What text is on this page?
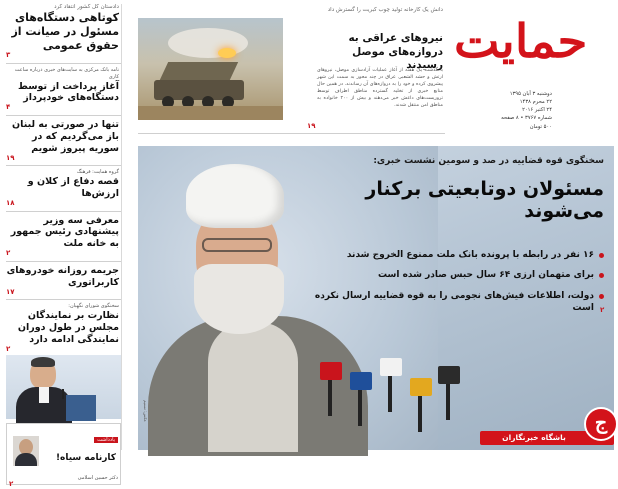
دادستان کل کشور انتقاد کرد
کوتاهی دستگاه‌های مسئول در صیانت از حقوق عمومی
۳
نامه بانک مرکزی به سایت‌های خبری درباره ساعت کاری
آغاز پرداخت از توسط دستگاه‌های خودپرداز
۴
تنها در صورتی به لبنان باز می‌گردیم که در سوریه پیروز شویم
۱۹
گروه همایت: فرهنگ
قصه دفاع از کلان و ارزش‌ها
۱۸
معرفی سه وزیر پیشنهادی رئیس جمهور به خانه ملت
۲
جریمه روزانه خودروهای کاربراتوری
۱۷
سخنگوی شورای نگهبان:
نظارت بر نمایندگان مجلس در طول دوران نمایندگی ادامه دارد
۲
یادداشت
کارنامه سیاه!
دکتر حسین اسلامی
۲
دانش یک کارخانه تولید چوب کبریت را گسترش داد
نیروهای عراقی به دروازه‌های موصل رسیدند
با گذشت یک هفته از آغاز عملیات آزادسازی موصل، نیروهای ارتش و حشد الشعبی عراق در چند محور به سمت این شهر پیشروی کرده و خود را به دروازه‌های آن رساندند. در همین حال منابع خبری از تخلیه گسترده مناطق اطراف توسط تروریست‌های داعش خبر می‌دهند و بیش از ۲۰۰ خانواده به مناطق امن منتقل شدند.
۱۹
حمایت
دوشنبه ۳ آبان ۱۳۹۵
۲۲ محرم ۱۴۳۸
۲۴ اکتبر ۲۰۱۶
شماره ۳۷۶۷ • ۸ صفحه
۵۰۰ تومان
سخنگوی قوه قضاییه در صد و سومین نشست خبری:
مسئولان دوتابعیتی برکنار می‌شوند
۱۶ نفر در رابطه با پرونده بانک ملت ممنوع الخروج شدند
برای متهمان ارزی ۶۴ سال حبس صادر شده است
دولت، اطلاعات فیش‌های نجومی را به قوه قضاییه ارسال نکرده است ۲
عکس: تسنیم
باشگاه خبرنگاران
ج
